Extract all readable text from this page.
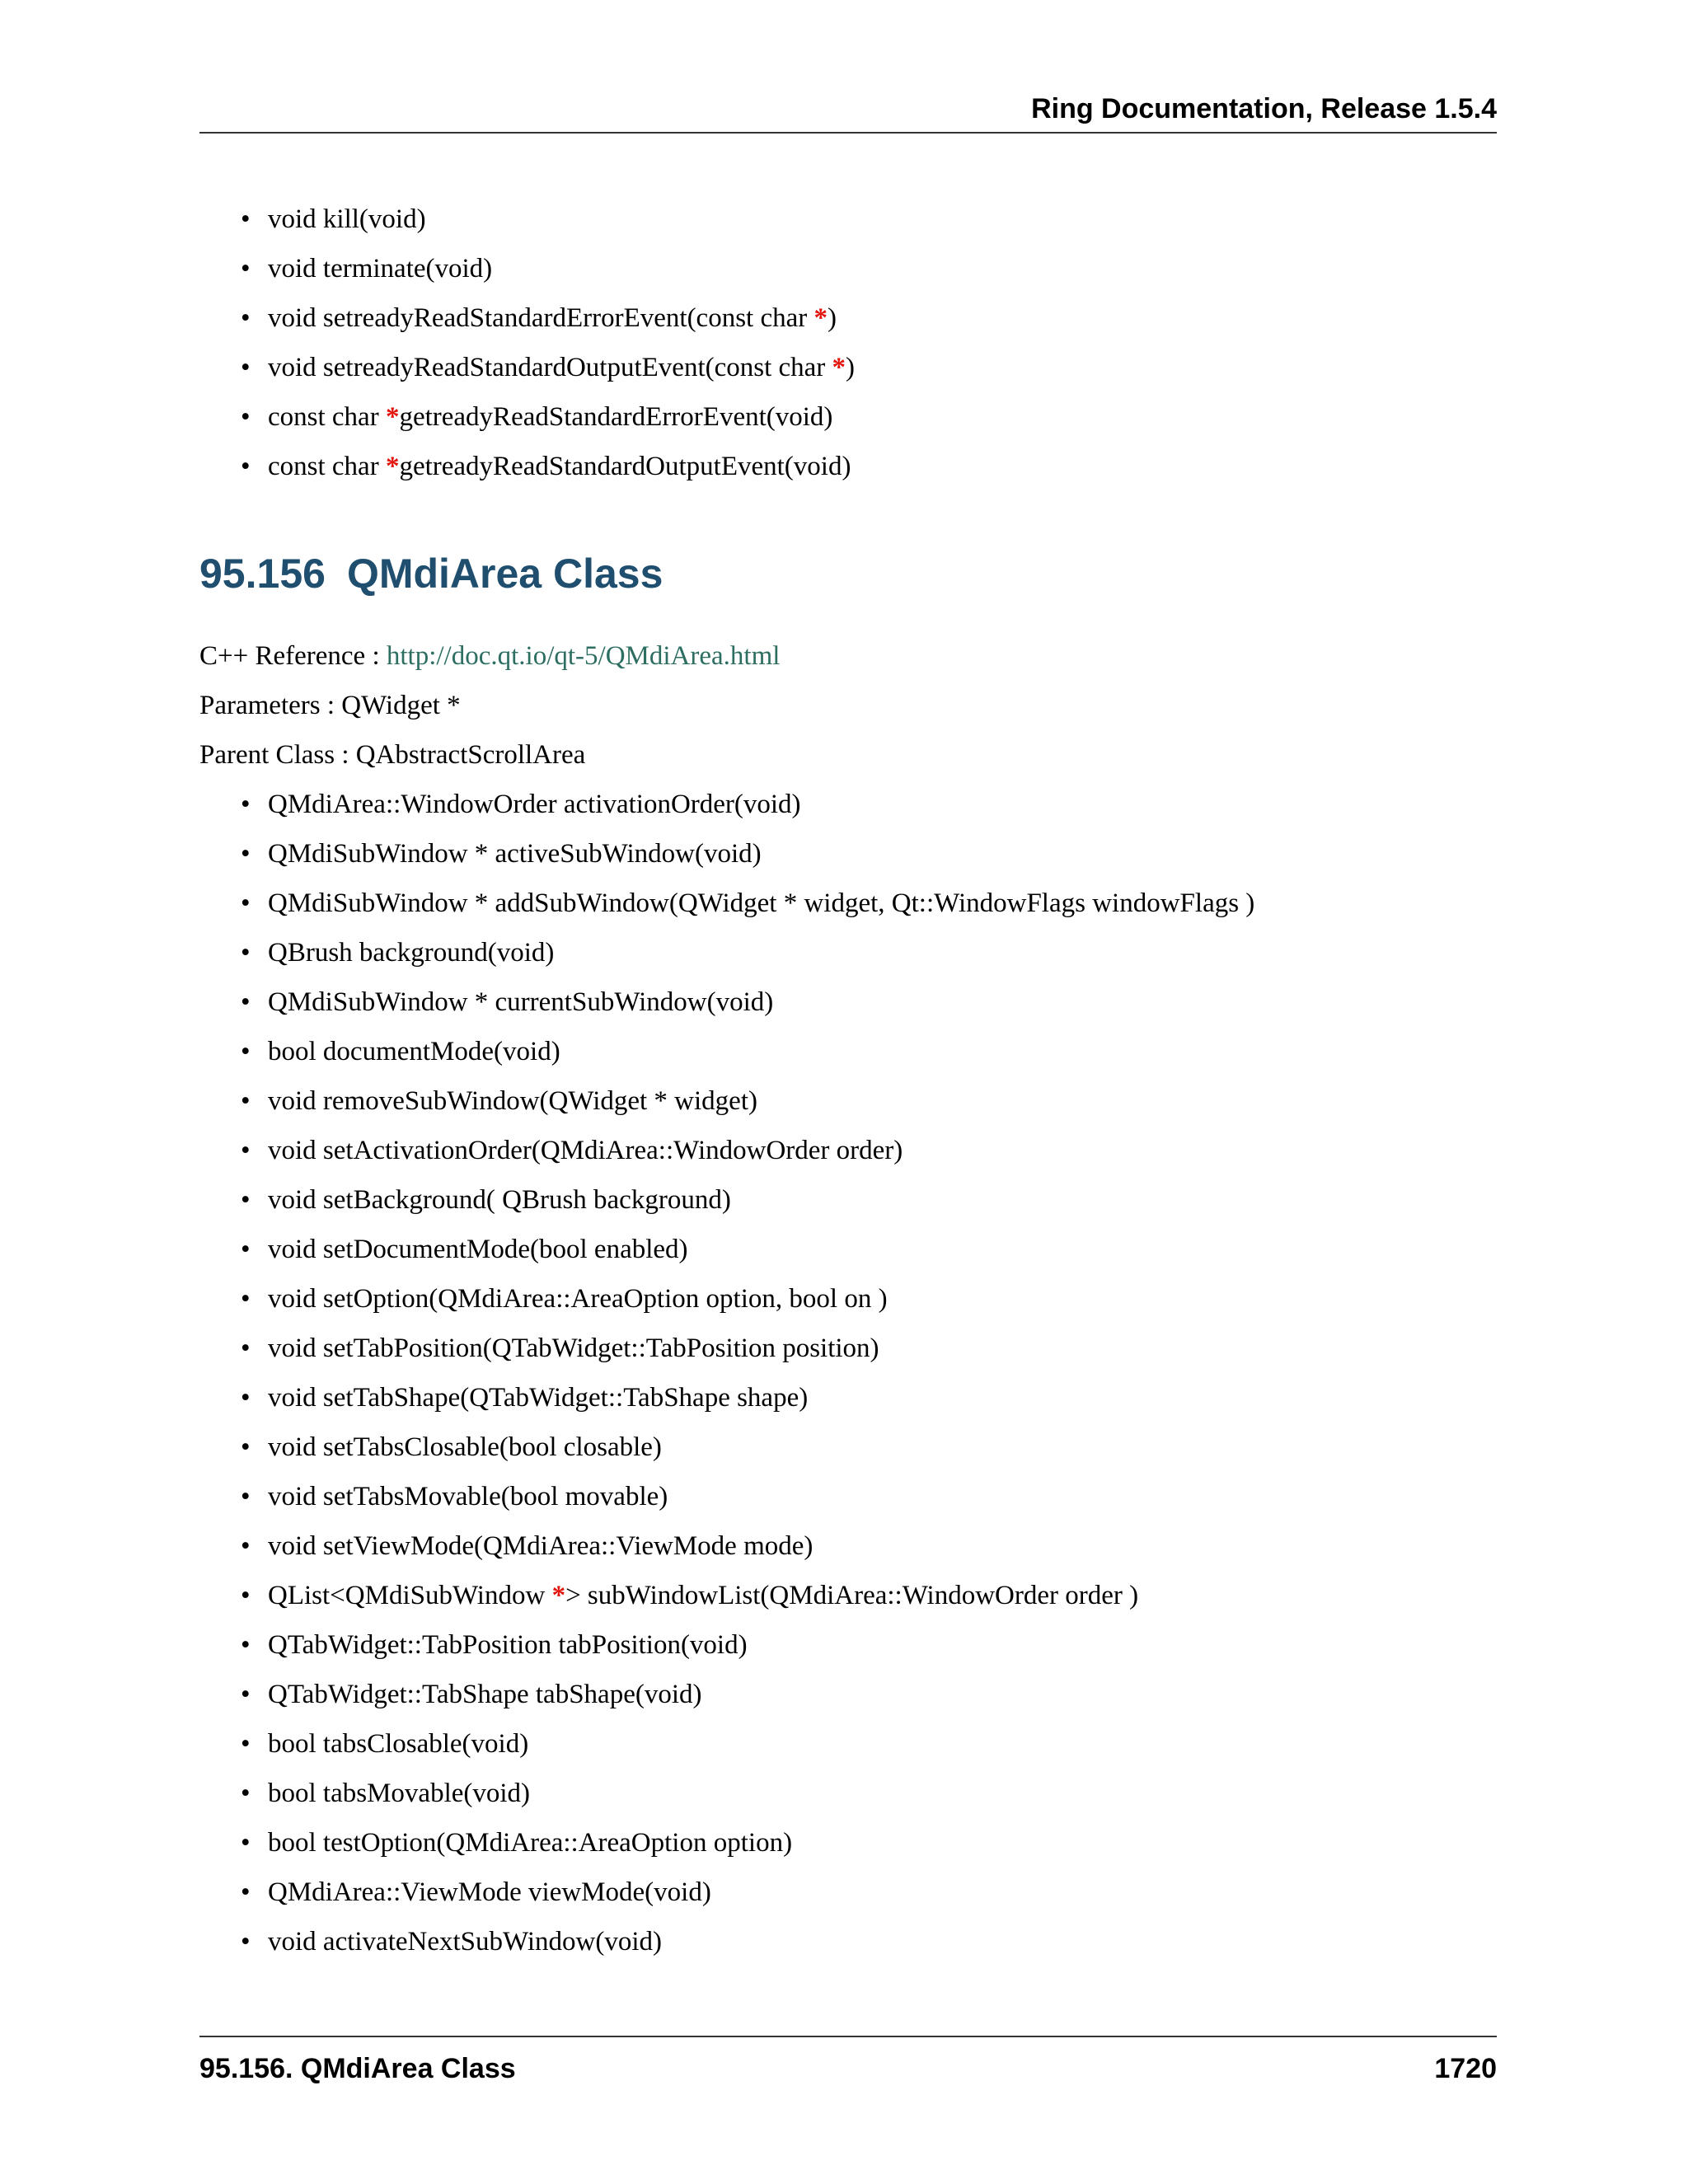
Ring Documentation, Release 1.5.4
• void kill(void)
• void terminate(void)
• void setreadyReadStandardErrorEvent(const char *)
• void setreadyReadStandardOutputEvent(const char *)
• const char *getreadyReadStandardErrorEvent(void)
• const char *getreadyReadStandardOutputEvent(void)
95.156 QMdiArea Class
C++ Reference : http://doc.qt.io/qt-5/QMdiArea.html
Parameters : QWidget *
Parent Class : QAbstractScrollArea
• QMdiArea::WindowOrder activationOrder(void)
• QMdiSubWindow * activeSubWindow(void)
• QMdiSubWindow * addSubWindow(QWidget * widget, Qt::WindowFlags windowFlags )
• QBrush background(void)
• QMdiSubWindow * currentSubWindow(void)
• bool documentMode(void)
• void removeSubWindow(QWidget * widget)
• void setActivationOrder(QMdiArea::WindowOrder order)
• void setBackground( QBrush background)
• void setDocumentMode(bool enabled)
• void setOption(QMdiArea::AreaOption option, bool on )
• void setTabPosition(QTabWidget::TabPosition position)
• void setTabShape(QTabWidget::TabShape shape)
• void setTabsClosable(bool closable)
• void setTabsMovable(bool movable)
• void setViewMode(QMdiArea::ViewMode mode)
• QList<QMdiSubWindow *> subWindowList(QMdiArea::WindowOrder order )
• QTabWidget::TabPosition tabPosition(void)
• QTabWidget::TabShape tabShape(void)
• bool tabsClosable(void)
• bool tabsMovable(void)
• bool testOption(QMdiArea::AreaOption option)
• QMdiArea::ViewMode viewMode(void)
• void activateNextSubWindow(void)
95.156. QMdiArea Class	1720
